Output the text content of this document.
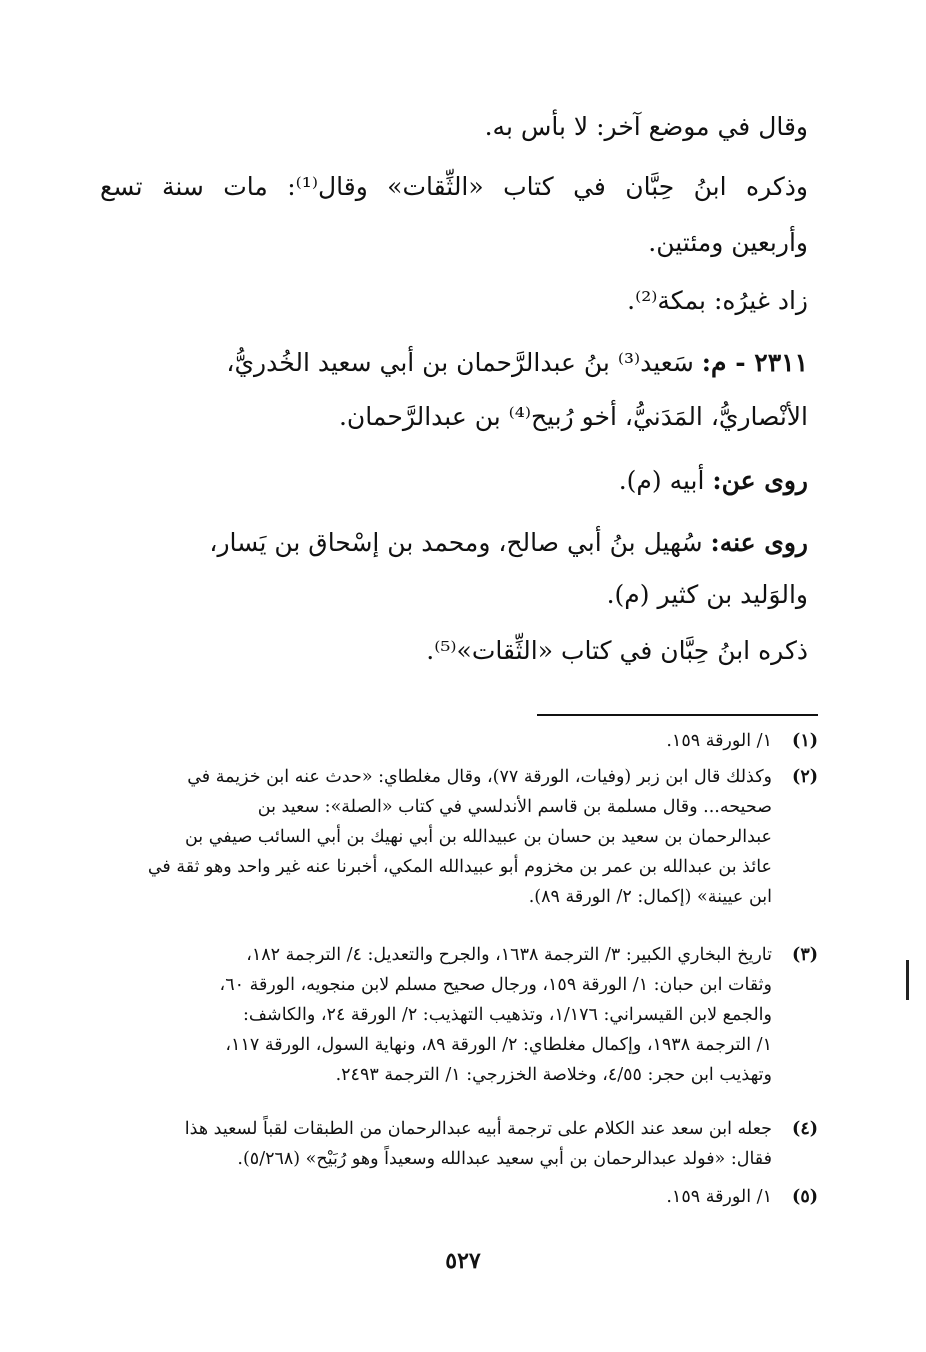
وقال في موضع آخر: لا بأس به.
وذكره ابنُ حِبَّان في كتاب «الثِّقات» وقال⁽¹⁾: مات سنة تسع
وأربعين ومئتين.
زاد غيرُه: بمكة⁽²⁾.
٢٣١١ - م: سَعيد⁽³⁾ بنُ عبدالرَّحمان بن أبي سعيد الخُدريُّ،
الأنْصاريُّ، المَدَنيُّ، أخو رُبيح⁽⁴⁾ بن عبدالرَّحمان.
روى عن: أبيه (م).
روى عنه: سُهيل بنُ أبي صالح، ومحمد بن إسْحاق بن يَسار،
والوَليد بن كثير (م).
ذكره ابنُ حِبَّان في كتاب «الثِّقات»⁽⁵⁾.
(١)
١/ الورقة ١٥٩.
(٢)
وكذلك قال ابن زبر (وفيات، الورقة ٧٧)، وقال مغلطاي: «حدث عنه ابن خزيمة في
صحيحه... وقال مسلمة بن قاسم الأندلسي في كتاب «الصلة»: سعيد بن
عبدالرحمان بن سعيد بن حسان بن عبيدالله بن أبي نهيك بن أبي السائب صيفي بن
عائذ بن عبدالله بن عمر بن مخزوم أبو عبيدالله المكي، أخبرنا عنه غير واحد وهو ثقة في
ابن عيينة» (إكمال: ٢/ الورقة ٨٩).
(٣)
تاريخ البخاري الكبير: ٣/ الترجمة ١٦٣٨، والجرح والتعديل: ٤/ الترجمة ١٨٢،
وثقات ابن حبان: ١/ الورقة ١٥٩، ورجال صحيح مسلم لابن منجويه، الورقة ٦٠،
والجمع لابن القيسراني: ١/١٧٦، وتذهيب التهذيب: ٢/ الورقة ٢٤، والكاشف:
١/ الترجمة ١٩٣٨، وإكمال مغلطاي: ٢/ الورقة ٨٩، ونهاية السول، الورقة ١١٧،
وتهذيب ابن حجر: ٤/٥٥، وخلاصة الخزرجي: ١/ الترجمة ٢٤٩٣.
(٤)
جعله ابن سعد عند الكلام على ترجمة أبيه عبدالرحمان من الطبقات لقباً لسعيد هذا
فقال: «فولد عبدالرحمان بن أبي سعيد عبدالله وسعيداً وهو رُبَيْح» (٥/٢٦٨).
(٥)
١/ الورقة ١٥٩.
٥٢٧
